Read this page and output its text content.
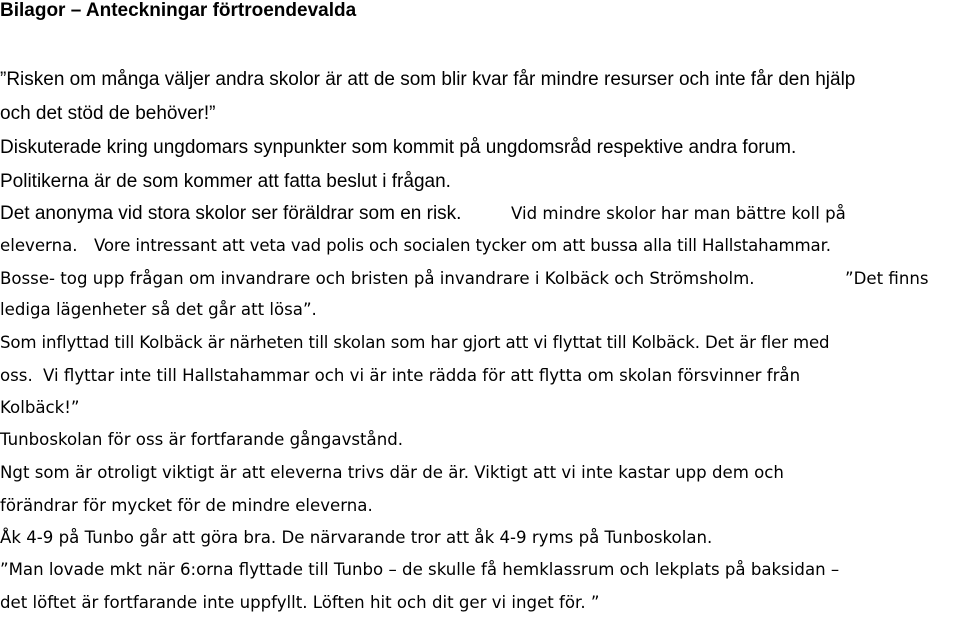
Bilagor – Anteckningar förtroendevalda
”Risken om många väljer andra skolor är att de som blir kvar får mindre resurser och inte får den hjälp
och det stöd de behöver!”
Diskuterade kring ungdomars synpunkter som kommit på ungdomsråd respektive andra forum.
Politikerna är de som kommer att fatta beslut i frågan.
Det anonyma vid stora skolor ser föräldrar som en risk.	Vid mindre skolor har man bättre koll på
eleverna. Vore intressant att veta vad polis och socialen tycker om att bussa alla till Hallstahammar.
Bosse- tog upp frågan om invandrare och bristen på invandrare i Kolbäck och Strömsholm.	”Det finns
lediga lägenheter så det går att lösa”.
Som inflyttad till Kolbäck är närheten till skolan som har gjort att vi flyttat till Kolbäck. Det är fler med
oss. Vi flyttar inte till Hallstahammar och vi är inte rädda för att flytta om skolan försvinner från
Kolbäck!”
Tunboskolan för oss är fortfarande gångavstånd.
Ngt som är otroligt viktigt är att eleverna trivs där de är. Viktigt att vi inte kastar upp dem och
förändrar för mycket för de mindre eleverna.
Åk 4-9 på Tunbo går att göra bra. De närvarande tror att åk 4-9 ryms på Tunboskolan.
”Man lovade mkt när 6:orna flyttade till Tunbo – de skulle få hemklassrum och lekplats på baksidan –
det löftet är fortfarande inte uppfyllt. Löften hit och dit ger vi inget för. ”
